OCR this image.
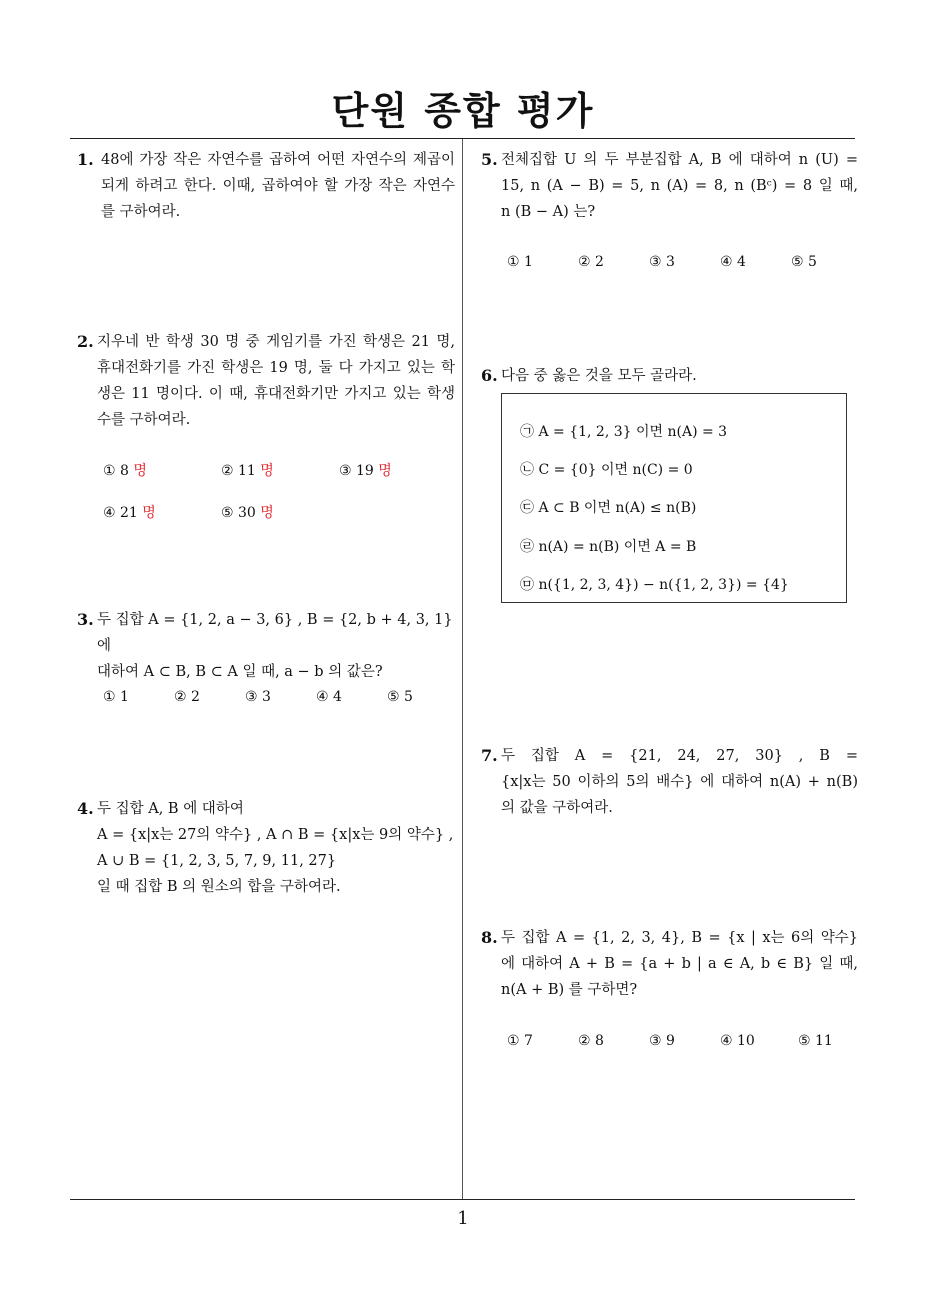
단원 종합 평가
1
1. 48에 가장 작은 자연수를 곱하여 어떤 자연수의 제곱이 되게 하려고 한다. 이때, 곱하여야 할 가장 작은 자연수를 구하여라.

2. 지우네 반 학생 30 명 중 게임기를 가진 학생은 21 명, 휴대전화기를 가진 학생은 19 명, 둘 다 가지고 있는 학생은 11 명이다. 이 때, 휴대전화기만 가지고 있는 학생 수를 구하여라.

① 8 명	② 11 명	③ 19 명
④ 21 명	⑤ 30 명
3. 두 집합 A = {1, 2, a − 3, 6} , B = {2, b + 4, 3, 1} 에

대하여 A ⊂ B, B ⊂ A 일 때, a − b 의 값은?

① 1	② 2	③ 3	④ 4	⑤ 5
4. 두 집합 A, B 에 대하여

A = {x|x는 27의 약수} , A ∩ B = {x|x는 9의 약수} ,

A ∪ B = {1, 2, 3, 5, 7, 9, 11, 27}

일 때 집합 B 의 원소의 합을 구하여라.

5. 전체집합 U 의 두 부분집합 A, B 에 대하여 n (U) =

15, n (A − B) = 5, n (A) = 8, n (Bᶜ) = 8 일 때,

n (B − A) 는?

① 1	② 2	③ 3	④ 4	⑤ 5
6. 다음 중 옳은 것을 모두 골라라.

㉠ A = {1, 2, 3} 이면 n(A) = 3
㉡ C = {0} 이면 n(C) = 0
㉢ A ⊂ B 이면 n(A) ≤ n(B)
㉣ n(A) = n(B) 이면 A = B
㉤ n({1, 2, 3, 4}) − n({1, 2, 3}) = {4}
7. 두 집합 A = {21, 24, 27, 30} , B =

{x|x는 50 이하의 5의 배수} 에 대하여 n(A) + n(B)

의 값을 구하여라.

8. 두 집합 A = {1, 2, 3, 4}, B = {x | x는 6의 약수}

에 대하여 A + B = {a + b | a ∈ A, b ∈ B} 일 때,

n(A + B) 를 구하면?

① 7	② 8	③ 9	④ 10	⑤ 11
